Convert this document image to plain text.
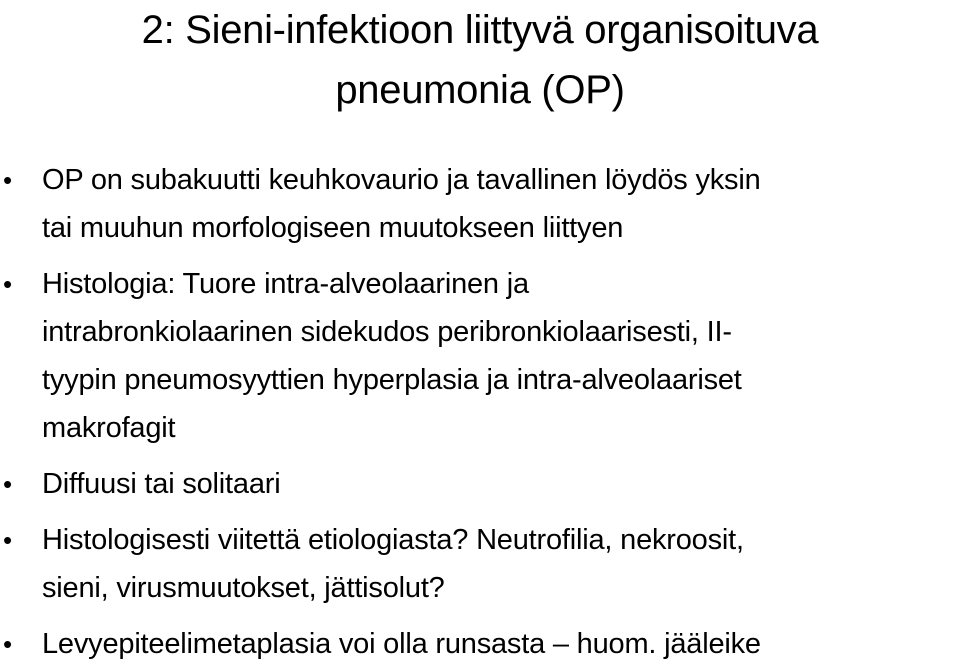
2: Sieni-infektioon liittyvä organisoituva
pneumonia (OP)
• OP on subakuutti keuhkovaurio ja tavallinen löydös yksin
tai muuhun morfologiseen muutokseen liittyen
• Histologia: Tuore intra-alveolaarinen ja
intrabronkiolaarinen sidekudos peribronkiolaarisesti, II-
tyypin pneumosyyttien hyperplasia ja intra-alveolaariset
makrofagit
• Diffuusi tai solitaari
• Histologisesti viitettä etiologiasta? Neutrofilia, nekroosit,
sieni, virusmuutokset, jättisolut?
• Levyepiteelimetaplasia voi olla runsasta – huom. jääleike
